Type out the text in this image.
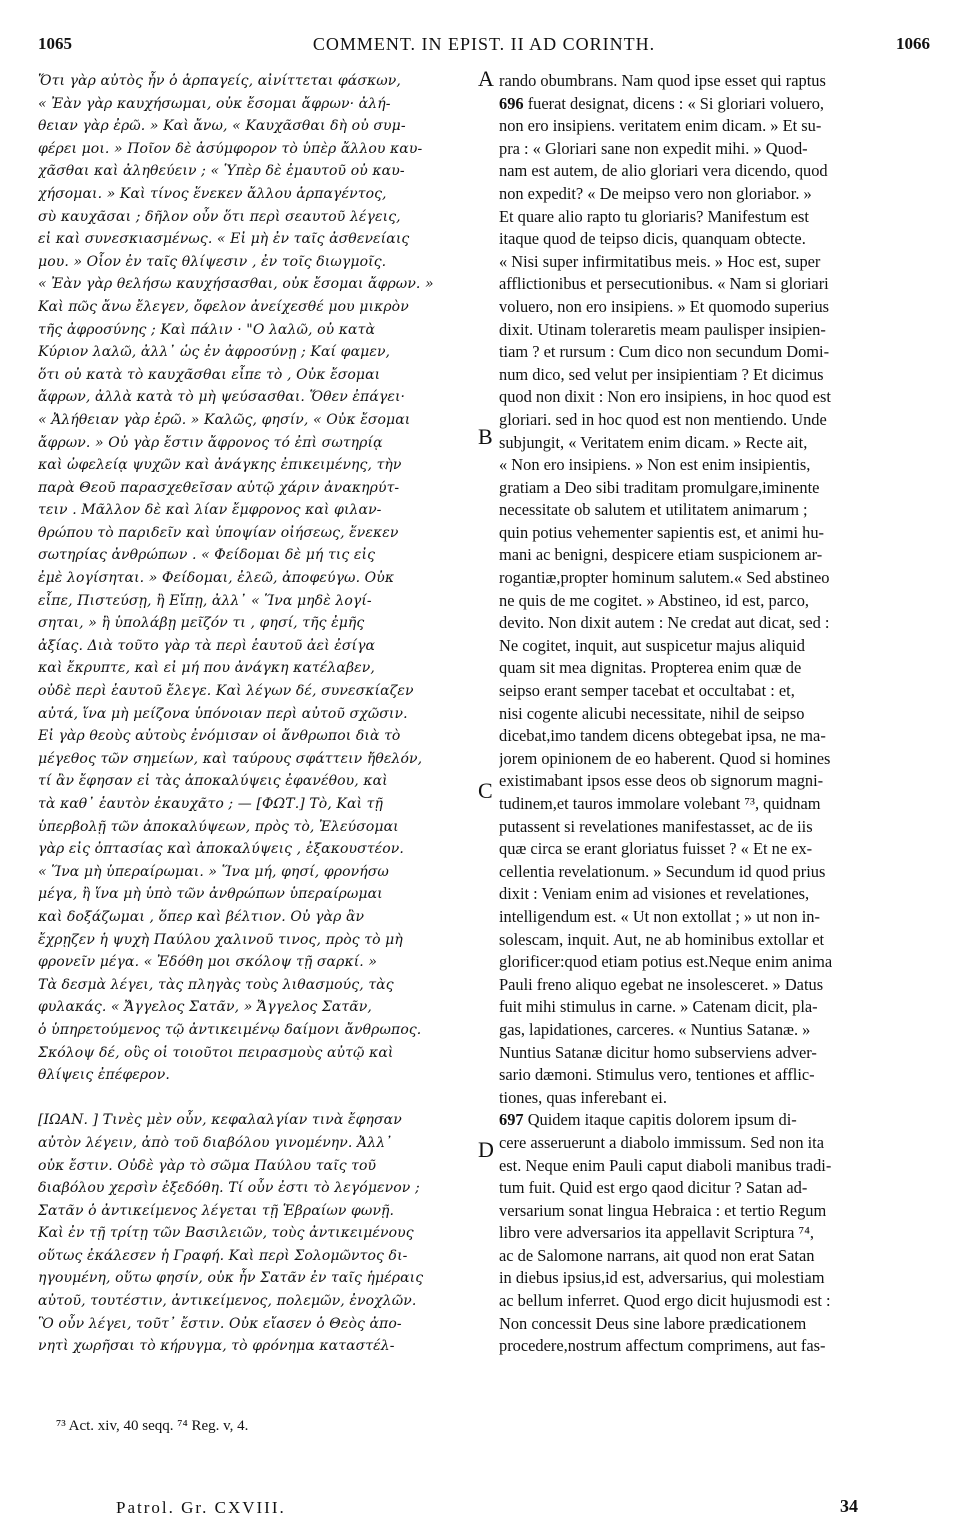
1065	COMMENT. IN EPIST. II AD CORINTH.	1066
Ὅτι γὰρ αὐτὸς ἦν ὁ ἁρπαγείς, αἰνίττεται φάσκων,
« Ἐὰν γὰρ καυχήσωμαι, οὐκ ἔσομαι ἄφρων· ἀλή-
θειαν γὰρ ἐρῶ. » Καὶ ἄνω, « Καυχᾶσθαι δὴ οὐ συμ-
φέρει μοι. » Ποῖον δὲ ἀσύμφορον τὸ ὑπὲρ ἄλλου καυ-
χᾶσθαι καὶ ἀληθεύειν ; « Ὑπὲρ δὲ ἐμαυτοῦ οὐ καυ-
χήσομαι. » Καὶ τίνος ἕνεκεν ἄλλου ἁρπαγέντος,
σὺ καυχᾶσαι ; δῆλον οὖν ὅτι περὶ σεαυτοῦ λέγεις,
εἰ καὶ συνεσκιασμένως. « Εἰ μὴ ἐν ταῖς ἀσθενείαις
μου. » Οἷον ἐν ταῖς θλίψεσιν , ἐν τοῖς διωγμοῖς.
« Ἐὰν γὰρ θελήσω καυχήσασθαι, οὐκ ἔσομαι ἄφρων. »
Καὶ πῶς ἄνω ἔλεγεν, ὄφελον ἀνείχεσθέ μου μικρὸν
τῆς ἀφροσύνης ; Καὶ πάλιν · "Ο λαλῶ, οὐ κατὰ
Κύριον λαλῶ, ἀλλ᾽ ὡς ἐν ἀφροσύνῃ ; Καί φαμεν,
ὅτι οὐ κατὰ τὸ καυχᾶσθαι εἶπε τὸ , Οὐκ ἔσομαι
ἄφρων, ἀλλὰ κατὰ τὸ μὴ ψεύσασθαι. Ὅθεν ἐπάγει·
« Ἀλήθειαν γὰρ ἐρῶ. » Καλῶς, φησίν, « Οὐκ ἔσομαι
ἄφρων. » Οὐ γὰρ ἔστιν ἄφρονος τό ἐπὶ σωτηρίᾳ
καὶ ὠφελείᾳ ψυχῶν καὶ ἀνάγκης ἐπικειμένης, τὴν
παρὰ Θεοῦ παρασχεθεῖσαν αὐτῷ χάριν ἀνακηρύτ-
τειν . Μᾶλλον δὲ καὶ λίαν ἔμφρονος καὶ φιλαν-
θρώπου τὸ παριδεῖν καὶ ὑποψίαν οἰήσεως, ἕνεκεν
σωτηρίας ἀνθρώπων . « Φείδομαι δὲ μή τις εἰς
ἐμὲ λογίσηται. » Φείδομαι, ἐλεῶ, ἀποφεύγω. Οὐκ
εἶπε, Πιστεύσῃ, ἢ Εἴπῃ, ἀλλ᾽ « Ἵνα μηδὲ λογί-
σηται, » ἢ ὑπολάβῃ μεῖζόν τι , φησί, τῆς ἐμῆς
ἀξίας. Διὰ τοῦτο γὰρ τὰ περὶ ἑαυτοῦ ἀεὶ ἐσίγα
καὶ ἔκρυπτε, καὶ εἰ μή που ἀνάγκη κατέλαβεν,
οὐδὲ περὶ ἑαυτοῦ ἔλεγε. Καὶ λέγων δέ, συνεσκίαζεν
αὐτά, ἵνα μὴ μείζονα ὑπόνοιαν περὶ αὐτοῦ σχῶσιν.
Εἰ γὰρ θεοὺς αὐτοὺς ἐνόμισαν οἱ ἄνθρωποι διὰ τὸ
μέγεθος τῶν σημείων, καὶ ταύρους σφάττειν ἤθελόν,
τί ἂν ἔφησαν εἰ τὰς ἀποκαλύψεις ἐφανέθου, καὶ
τὰ καθ᾽ ἑαυτὸν ἐκαυχᾶτο ; — [ΦΩΤ.] Τὸ, Καὶ τῇ
ὑπερβολῇ τῶν ἀποκαλύψεων, πρὸς τὸ, Ἐλεύσομαι
γὰρ εἰς ὀπτασίας καὶ ἀποκαλύψεις , ἐξακουστέον.
« Ἵνα μὴ ὑπεραίρωμαι. » Ἵνα μή, φησί, φρονήσω
μέγα, ἢ ἵνα μὴ ὑπὸ τῶν ἀνθρώπων ὑπεραίρωμαι
καὶ δοξάζωμαι , ὅπερ καὶ βέλτιον. Οὐ γὰρ ἂν
ἔχρῃζεν ἡ ψυχὴ Παύλου χαλινοῦ τινος, πρὸς τὸ μὴ
φρονεῖν μέγα. « Ἐδόθη μοι σκόλοψ τῇ σαρκί. »
Τὰ δεσμὰ λέγει, τὰς πληγὰς τοὺς λιθασμούς, τὰς
φυλακάς. « Ἄγγελος Σατᾶν, » Ἄγγελος Σατᾶν,
ὁ ὑπηρετούμενος τῷ ἀντικειμένῳ δαίμονι ἄνθρωπος.
Σκόλοψ δέ, οὓς οἱ τοιοῦτοι πειρασμοὺς αὐτῷ καὶ
θλίψεις ἐπέφερον.
[ΙΩΑΝ. ] Τινὲς μὲν οὖν, κεφαλαλγίαν τινὰ ἔφησαν
αὐτὸν λέγειν, ἀπὸ τοῦ διαβόλου γινομένην. Ἀλλ᾽
οὐκ ἔστιν. Οὐδὲ γὰρ τὸ σῶμα Παύλου ταῖς τοῦ
διαβόλου χερσὶν ἐξεδόθη. Τί οὖν ἐστι τὸ λεγόμενον ;
Σατᾶν ὁ ἀντικείμενος λέγεται τῇ Ἑβραίων φωνῇ.
Καὶ ἐν τῇ τρίτῃ τῶν Βασιλειῶν, τοὺς ἀντικειμένους
οὕτως ἐκάλεσεν ἡ Γραφή. Καὶ περὶ Σολομῶντος δι-
ηγουμένη, οὕτω φησίν, οὐκ ἦν Σατᾶν ἐν ταῖς ἡμέραις
αὐτοῦ, τουτέστιν, ἀντικείμενος, πολεμῶν, ἐνοχλῶν.
Ὃ οὖν λέγει, τοῦτ᾽ ἔστιν. Οὐκ εἴασεν ὁ Θεὸς ἀπο-
νητὶ χωρῆσαι τὸ κήρυγμα, τὸ φρόνημα καταστέλ-
rando obumbrans. Nam quod ipse esset qui raptus
696 fuerat designat, dicens : « Si gloriari voluero,
non ero insipiens. veritatem enim dicam. » Et su-
pra : « Gloriari sane non expedit mihi. » Quod-
nam est autem, de alio gloriari vera dicendo, quod
non expedit? « De meipso vero non gloriabor. »
Et quare alio rapto tu gloriaris? Manifestum est
itaque quod de teipso dicis, quanquam obtecte.
« Nisi super infirmitatibus meis. » Hoc est, super
afflictionibus et persecutionibus. « Nam si gloriari
voluero, non ero insipiens. » Et quomodo superius
dixit. Utinam toleraretis meam paulisper insipien-
tiam ? et rursum : Cum dico non secundum Domi-
num dico, sed velut per insipientiam ? Et dicimus
quod non dixit : Non ero insipiens, in hoc quod est
gloriari. sed in hoc quod est non mentiendo. Unde
subjungit, « Veritatem enim dicam. » Recte ait,
« Non ero insipiens. » Non est enim insipientis,
gratiam a Deo sibi traditam promulgare,iminente
necessitate ob salutem et utilitatem animarum ;
quin potius vehementer sapientis est, et animi hu-
mani ac benigni, despicere etiam suspicionem ar-
rogantiæ,propter hominum salutem.« Sed abstineo
ne quis de me cogitet. » Abstineo, id est, parco,
devito. Non dixit autem : Ne credat aut dicat, sed :
Ne cogitet, inquit, aut suspicetur majus aliquid
quam sit mea dignitas. Propterea enim quæ de
seipso erant semper tacebat et occultabat : et,
nisi cogente alicubi necessitate, nihil de seipso
dicebat,imo tandem dicens obtegebat ipsa, ne ma-
jorem opinionem de eo haberent. Quod si homines
existimabant ipsos esse deos ob signorum magni-
tudinem,et tauros immolare volebant ⁷³, quidnam
putassent si revelationes manifestasset, ac de iis
quæ circa se erant gloriatus fuisset ? « Et ne ex-
cellentia revelationum. » Secundum id quod prius
dixit : Veniam enim ad visiones et revelationes,
intelligendum est. « Ut non extollat ; » ut non in-
solescam, inquit. Aut, ne ab hominibus extollar et
glorificer:quod etiam potius est.Neque enim anima
Pauli freno aliquo egebat ne insolesceret. » Datus
fuit mihi stimulus in carne. » Catenam dicit, pla-
gas, lapidationes, carceres. « Nuntius Satanæ. »
Nuntius Satanæ dicitur homo subserviens adver-
sario dæmoni. Stimulus vero, tentiones et afflic-
tiones, quas inferebant ei.
697 Quidem itaque capitis dolorem ipsum di-
cere asseruerunt a diabolo immissum. Sed non ita
est. Neque enim Pauli caput diaboli manibus tradi-
tum fuit. Quid est ergo qaod dicitur ? Satan ad-
versarium sonat lingua Hebraica : et tertio Regum
libro vere adversarios ita appellavit Scriptura ⁷⁴,
ac de Salomone narrans, ait quod non erat Satan
in diebus ipsius,id est, adversarius, qui molestiam
ac bellum inferret. Quod ergo dicit hujusmodi est :
Non concessit Deus sine labore prædicationem
procedere,nostrum affectum comprimens, aut fas-
A
B
C
D
⁷³ Act. xiv, 40 seqq. ⁷⁴ Reg. v, 4.
Patrol. Gr. CXVIII.	34
